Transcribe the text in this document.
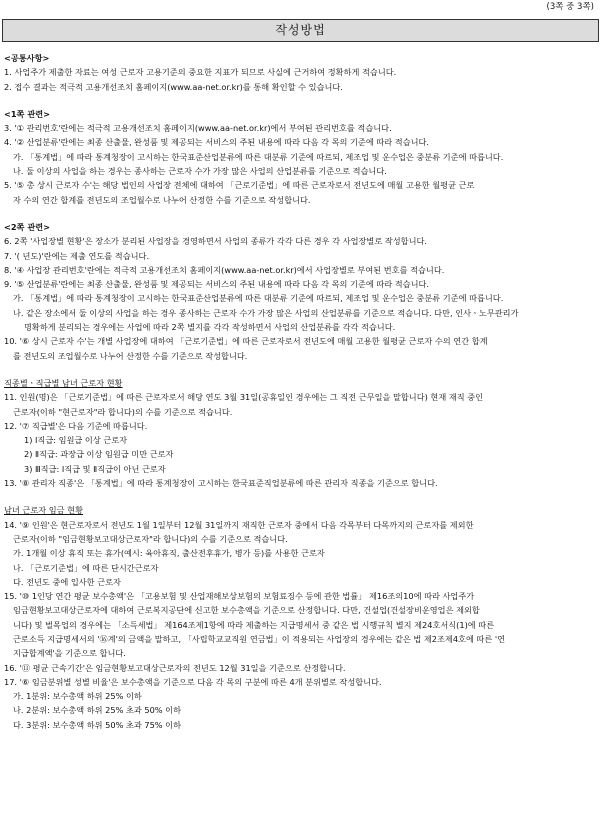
(3쪽 중 3쪽)
작성방법
<공통사항>
1. 사업주가 제출한 자료는 여성 근로자 고용기준의 중요한 지표가 되므로 사실에 근거하여 정확하게 적습니다.
2. 접수 결과는 적극적 고용개선조치 홈페이지(www.aa-net.or.kr)를 통해 확인할 수 있습니다.
<1쪽 관련>
3. '① 관리번호'란에는 적극적 고용개선조치 홈페이지(www.aa-net.or.kr)에서 부여된 관리번호를 적습니다.
4. '② 산업분류'란에는 최종 산출물, 완성품 및 제공되는 서비스의 주된 내용에 따라 다음 각 목의 기준에 따라 적습니다.
가. 「통계법」에 따라 통계청장이 고시하는 한국표준산업분류에 따른 대분류 기준에 따르되, 제조업 및 운수업은 중분류 기준에 따릅니다.
나. 둘 이상의 사업을 하는 경우는 종사하는 근로자 수가 가장 많은 사업의 산업분류를 기준으로 적습니다.
5. '⑤ 총 상시 근로자 수'는 해당 법인의 사업장 전체에 대하여 「근로기준법」에 따른 근로자로서 전년도에 매월 고용한 월평균 근로
자 수의 연간 합계를 전년도의 조업월수로 나누어 산정한 수를 기준으로 작성합니다.
<2쪽 관련>
6. 2쪽 '사업장별 현황'은 장소가 분리된 사업장을 경영하면서 사업의 종류가 각각 다른 경우 각 사업장별로 작성합니다.
7. '( 년도)'란에는 제출 연도를 적습니다.
8. '④ 사업장 관리번호'란에는 적극적 고용개선조치 홈페이지(www.aa-net.or.kr)에서 사업장별로 부여된 번호를 적습니다.
9. '⑤ 산업분류'란에는 최종 산출물, 완성품 및 제공되는 서비스의 주된 내용에 따라 다음 각 목의 기준에 따라 적습니다.
가. 「통계법」에 따라 통계청장이 고시하는 한국표준산업분류에 따른 대분류 기준에 따르되, 제조업 및 운수업은 중분류 기준에 따릅니다.
나. 같은 장소에서 둘 이상의 사업을 하는 경우 종사하는 근로자 수가 가장 많은 사업의 산업분류를 기준으로 적습니다. 다만, 인사ㆍ노무관리가
명확하게 분리되는 경우에는 사업에 따라 2쪽 별지를 각각 작성하면서 사업의 산업분류를 각각 적습니다.
10. '⑥ 상시 근로자 수'는 개별 사업장에 대하여 「근로기준법」에 따른 근로자로서 전년도에 매월 고용한 월평균 근로자 수의 연간 합계
를 전년도의 조업월수로 나누어 산정한 수를 기준으로 작성합니다.
직종별ㆍ직급별 남녀 근로자 현황
11. 인원(명)은 「근로기준법」에 따른 근로자로서 해당 연도 3월 31일(공휴일인 경우에는 그 직전 근무일을 말합니다) 현재 재직 중인
근로자(이하 "현근로자"라 합니다)의 수를 기준으로 적습니다.
12. '⑦ 직급별'은 다음 기준에 따릅니다.
1) Ⅰ직급: 임원급 이상 근로자
2) Ⅱ직급: 과장급 이상 임원급 미만 근로자
3) Ⅲ직급: Ⅰ직급 및 Ⅱ직급이 아닌 근로자
13. '⑧ 관리자 직종'은 「통계법」에 따라 통계청장이 고시하는 한국표준직업분류에 따른 관리자 직종을 기준으로 합니다.
남녀 근로자 임금 현황
14. '⑨ 인원'은 현근로자로서 전년도 1월 1일부터 12월 31일까지 재직한 근로자 중에서 다음 각목부터 다목까지의 근로자를 제외한
근로자(이하 "임금현황보고대상근로자"라 합니다)의 수를 기준으로 적습니다.
가. 1개월 이상 휴직 또는 휴가(예시: 육아휴직, 출산전후휴가, 병가 등)를 사용한 근로자
나. 「근로기준법」에 따른 단시간근로자
다. 전년도 중에 입사한 근로자
15. '⑩ 1인당 연간 평균 보수총액'은 「고용보험 및 산업재해보상보험의 보험료징수 등에 관한 법률」 제16조의10에 따라 사업주가
임금현황보고대상근로자에 대하여 근로복지공단에 신고한 보수총액을 기준으로 산정합니다. 다만, 건설업(건설장비운영업은 제외합
니다) 및 벌목업의 경우에는 「소득세법」 제164조제1항에 따라 제출하는 지급명세서 중 같은 법 시행규칙 별지 제24호서식(1)에 따른
근로소득 지급명세서의 '⑯계'의 금액을 말하고, 「사립학교교직원 연금법」이 적용되는 사업장의 경우에는 같은 법 제2조제4호에 따른 '연
지급합계액'을 기준으로 합니다.
16. '⑪ 평균 근속기간'은 임금현황보고대상근로자의 전년도 12월 31일을 기준으로 산정합니다.
17. '⑥ 임금분위별 성별 비율'은 보수총액을 기준으로 다음 각 목의 구분에 따른 4개 분위별로 작성합니다.
가. 1분위: 보수총액 하위 25% 이하
나. 2분위: 보수총액 하위 25% 초과 50% 이하
다. 3분위: 보수총액 하위 50% 초과 75% 이하
